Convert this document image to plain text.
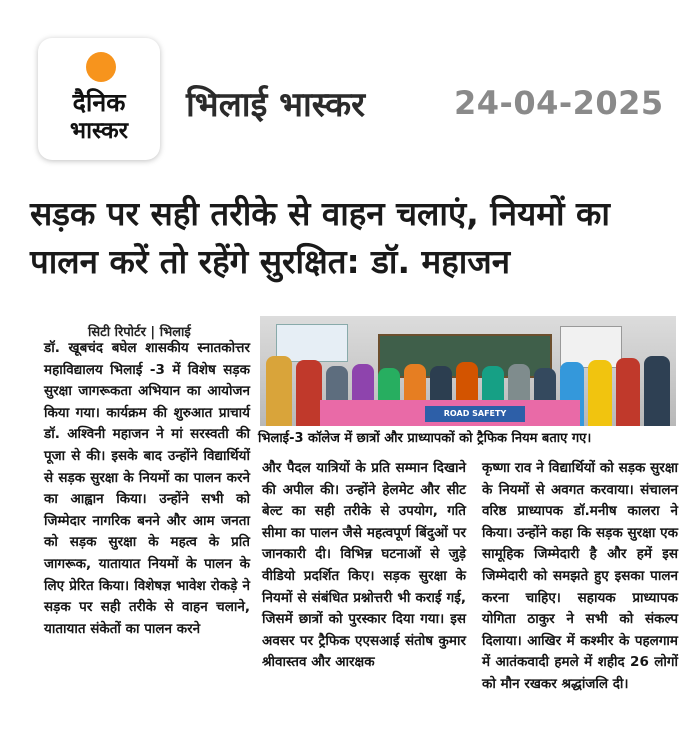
दैनिक
भास्कर
भिलाई भास्कर	24-04-2025
सड़क पर सही तरीके से वाहन चलाएं, नियमों का पालन करें तो रहेंगे सुरक्षित: डॉ. महाजन
सिटी रिपोर्टर | भिलाई
ROAD SAFETY
भिलाई-3 कॉलेज में छात्रों और प्राध्यापकों को ट्रैफिक नियम बताए गए।
डॉ. खूबचंद बघेल शासकीय स्नातकोत्तर महाविद्यालय भिलाई -3 में विशेष सड़क सुरक्षा जागरूकता अभियान का आयोजन किया गया। कार्यक्रम की शुरुआत प्राचार्य डॉ. अश्विनी महाजन ने मां सरस्वती की पूजा से की। इसके बाद उन्होंने विद्यार्थियों से सड़क सुरक्षा के नियमों का पालन करने का आह्वान किया। उन्होंने सभी को जिम्मेदार नागरिक बनने और आम जनता को सड़क सुरक्षा के महत्व के प्रति जागरूक, यातायात नियमों के पालन के लिए प्रेरित किया। विशेषज्ञ भावेश रोकड़े ने सड़क पर सही तरीके से वाहन चलाने, यातायात संकेतों का पालन करने
और पैदल यात्रियों के प्रति सम्मान दिखाने की अपील की। उन्होंने हेलमेट और सीट बेल्ट का सही तरीके से उपयोग, गति सीमा का पालन जैसे महत्वपूर्ण बिंदुओं पर जानकारी दी। विभिन्न घटनाओं से जुड़े वीडियो प्रदर्शित किए। सड़क सुरक्षा के नियमों से संबंधित प्रश्नोत्तरी भी कराई गई, जिसमें छात्रों को पुरस्कार दिया गया। इस अवसर पर ट्रैफिक एएसआई संतोष कुमार श्रीवास्तव और आरक्षक
कृष्णा राव ने विद्यार्थियों को सड़क सुरक्षा के नियमों से अवगत करवाया। संचालन वरिष्ठ प्राध्यापक डॉ.मनीष कालरा ने किया। उन्होंने कहा कि सड़क सुरक्षा एक सामूहिक जिम्मेदारी है और हमें इस जिम्मेदारी को समझते हुए इसका पालन करना चाहिए। सहायक प्राध्यापक योगिता ठाकुर ने सभी को संकल्प दिलाया। आखिर में कश्मीर के पहलगाम में आतंकवादी हमले में शहीद 26 लोगों को मौन रखकर श्रद्धांजलि दी।
